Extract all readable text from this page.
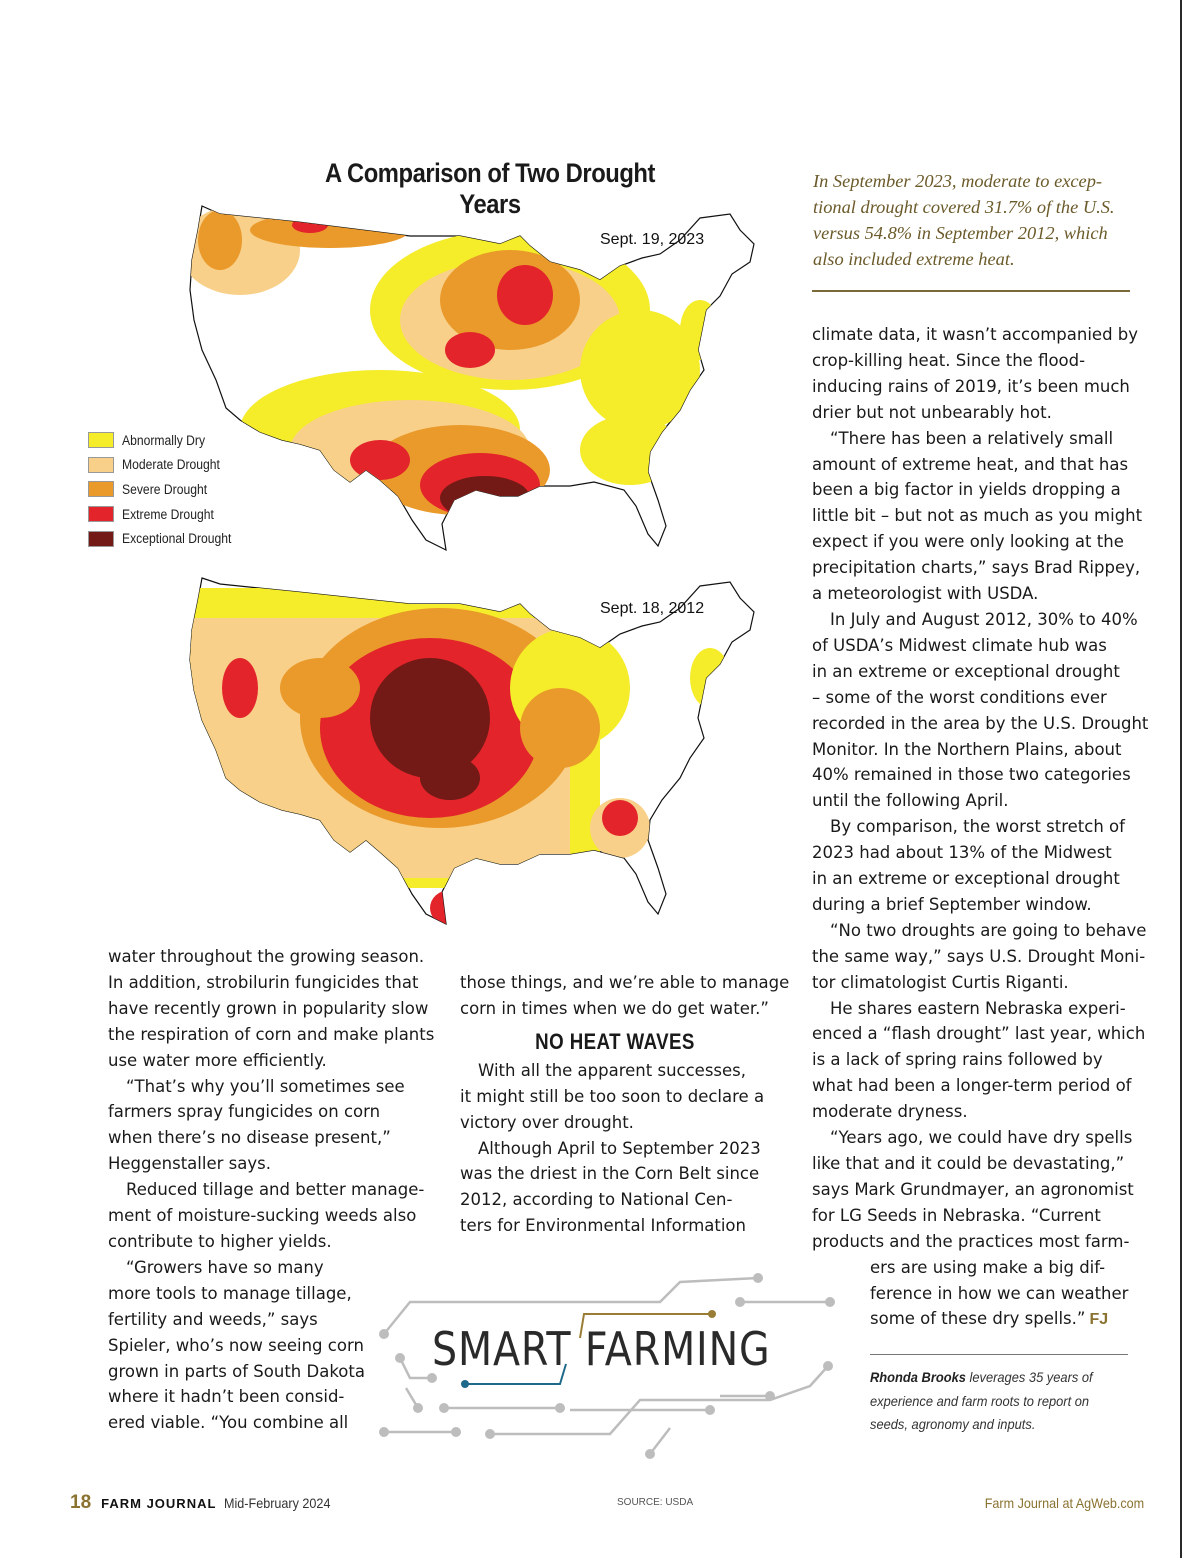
A Comparison of Two Drought Years
Sept. 19, 2023
Abnormally Dry
Moderate Drought
Severe Drought
Extreme Drought
Exceptional Drought
Sept. 18, 2012

In September 2023, moderate to excep-

tional drought covered 31.7% of the U.S.

versus 54.8% in September 2012, which

also included extreme heat.

climate data, it wasn’t accompanied by

crop-killing heat. Since the flood-

inducing rains of 2019, it’s been much

drier but not unbearably hot.

“There has been a relatively small

amount of extreme heat, and that has

been a big factor in yields dropping a

little bit – but not as much as you might

expect if you were only looking at the

precipitation charts,” says Brad Rippey,

a meteorologist with USDA.

In July and August 2012, 30% to 40%

of USDA’s Midwest climate hub was

in an extreme or exceptional drought

– some of the worst conditions ever

recorded in the area by the U.S. Drought

Monitor. In the Northern Plains, about

40% remained in those two categories

until the following April.

By comparison, the worst stretch of

2023 had about 13% of the Midwest

in an extreme or exceptional drought

during a brief September window.

“No two droughts are going to behave

the same way,” says U.S. Drought Moni-

tor climatologist Curtis Riganti.

He shares eastern Nebraska experi-

enced a “flash drought” last year, which

is a lack of spring rains followed by

what had been a longer-term period of

moderate dryness.

“Years ago, we could have dry spells

like that and it could be devastating,”

says Mark Grundmayer, an agronomist

for LG Seeds in Nebraska. “Current

products and the practices most farm-

ers are using make a big dif-

ference in how we can weather

some of these dry spells.” FJ

water throughout the growing season.

In addition, strobilurin fungicides that

have recently grown in popularity slow

the respiration of corn and make plants

use water more efficiently.

“That’s why you’ll sometimes see

farmers spray fungicides on corn

when there’s no disease present,”

Heggenstaller says.

Reduced tillage and better manage-

ment of moisture-sucking weeds also

contribute to higher yields.

“Growers have so many

more tools to manage tillage,

fertility and weeds,” says

Spieler, who’s now seeing corn

grown in parts of South Dakota

where it hadn’t been consid-

ered viable. “You combine all

those things, and we’re able to manage

corn in times when we do get water.”

NO HEAT WAVES

With all the apparent successes,

it might still be too soon to declare a

victory over drought.

Although April to September 2023

was the driest in the Corn Belt since

2012, according to National Cen-

ters for Environmental Information

SMART FARMING

Rhonda Brooks leverages 35 years of

experience and farm roots to report on

seeds, agronomy and inputs.

18 FARM JOURNAL Mid-February 2024	SOURCE: USDA	Farm Journal at AgWeb.com
